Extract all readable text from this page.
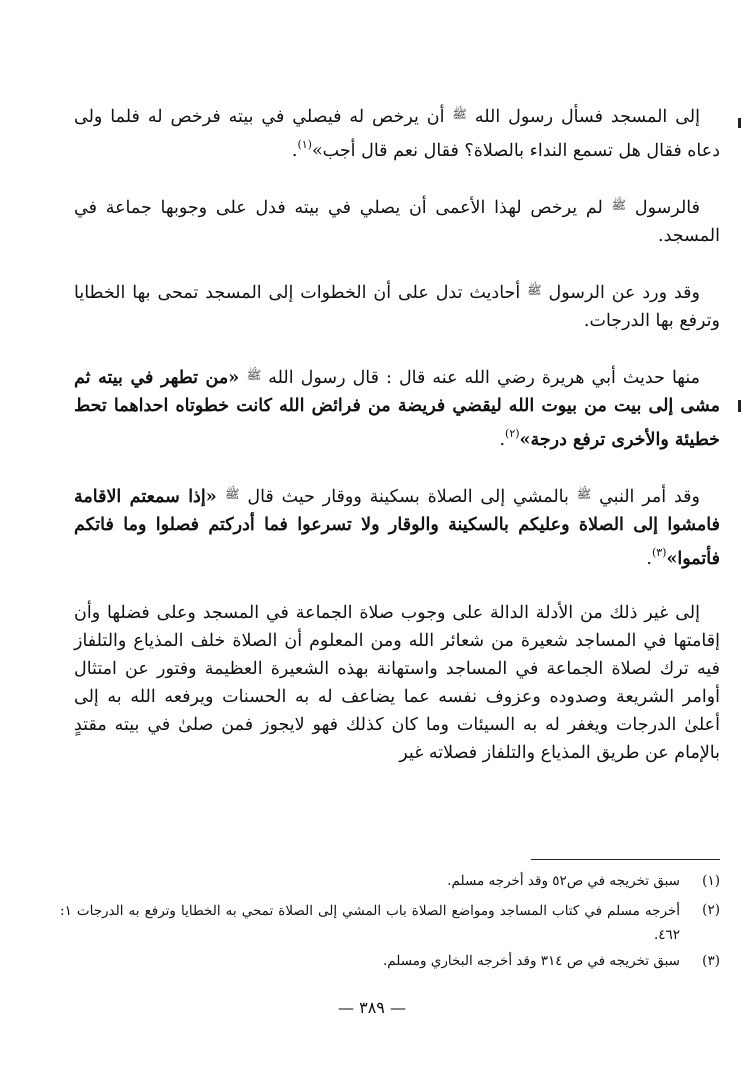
إلى المسجد فسأل رسول الله $^ﷺ$ أن يرخص له فيصلي في بيته فرخص له فلما ولى دعاه فقال هل تسمع النداء بالصلاة؟ فقال نعم قال أجب»$^{(١)}$.

فالرسول $^ﷺ$ لم يرخص لهذا الأعمى أن يصلي في بيته فدل على وجوبها جماعة في المسجد.

وقد ورد عن الرسول $^ﷺ$ أحاديث تدل على أن الخطوات إلى المسجد تمحى بها الخطايا وترفع بها الدرجات.

منها حديث أبي هريرة رضي الله عنه قال : قال رسول الله $^ﷺ$ «من تطهر في بيته ثم مشى إلى بيت من بيوت الله ليقضي فريضة من فرائض الله كانت خطوتاه احداهما تحط خطيئة والأخرى ترفع درجة»$^{(٢)}$.

وقد أمر النبي $^ﷺ$ بالمشي إلى الصلاة بسكينة ووقار حيث قال $^ﷺ$ «إذا سمعتم الاقامة فامشوا إلى الصلاة وعليكم بالسكينة والوقار ولا تسرعوا فما أدركتم فصلوا وما فاتكم فأتموا»$^{(٣)}$.

إلى غير ذلك من الأدلة الدالة على وجوب صلاة الجماعة في المسجد وعلى فضلها وأن إقامتها في المساجد شعيرة من شعائر الله ومن المعلوم أن الصلاة خلف المذياع والتلفاز فيه ترك لصلاة الجماعة في المساجد واستهانة بهذه الشعيرة العظيمة وفتور عن امتثال أوامر الشريعة وصدوده وعزوف نفسه عما يضاعف له به الحسنات ويرفعه الله به إلى أعلىٰ الدرجات ويغفر له به السيئات وما كان كذلك فهو لايجوز فمن صلىٰ في بيته مقتدٍ بالإمام عن طريق المذياع والتلفاز فصلاته غير

(١)
سبق تخريجه في ص٥٢ وقد أخرجه مسلم.
(٢)
أخرجه مسلم في كتاب المساجد ومواضع الصلاة باب المشي إلى الصلاة تمحي به الخطايا وترفع به الدرجات ١: ٤٦٢.
(٣)
سبق تخريجه في ص ٣١٤ وقد أخرجه البخاري ومسلم.
— ٣٨٩ —
